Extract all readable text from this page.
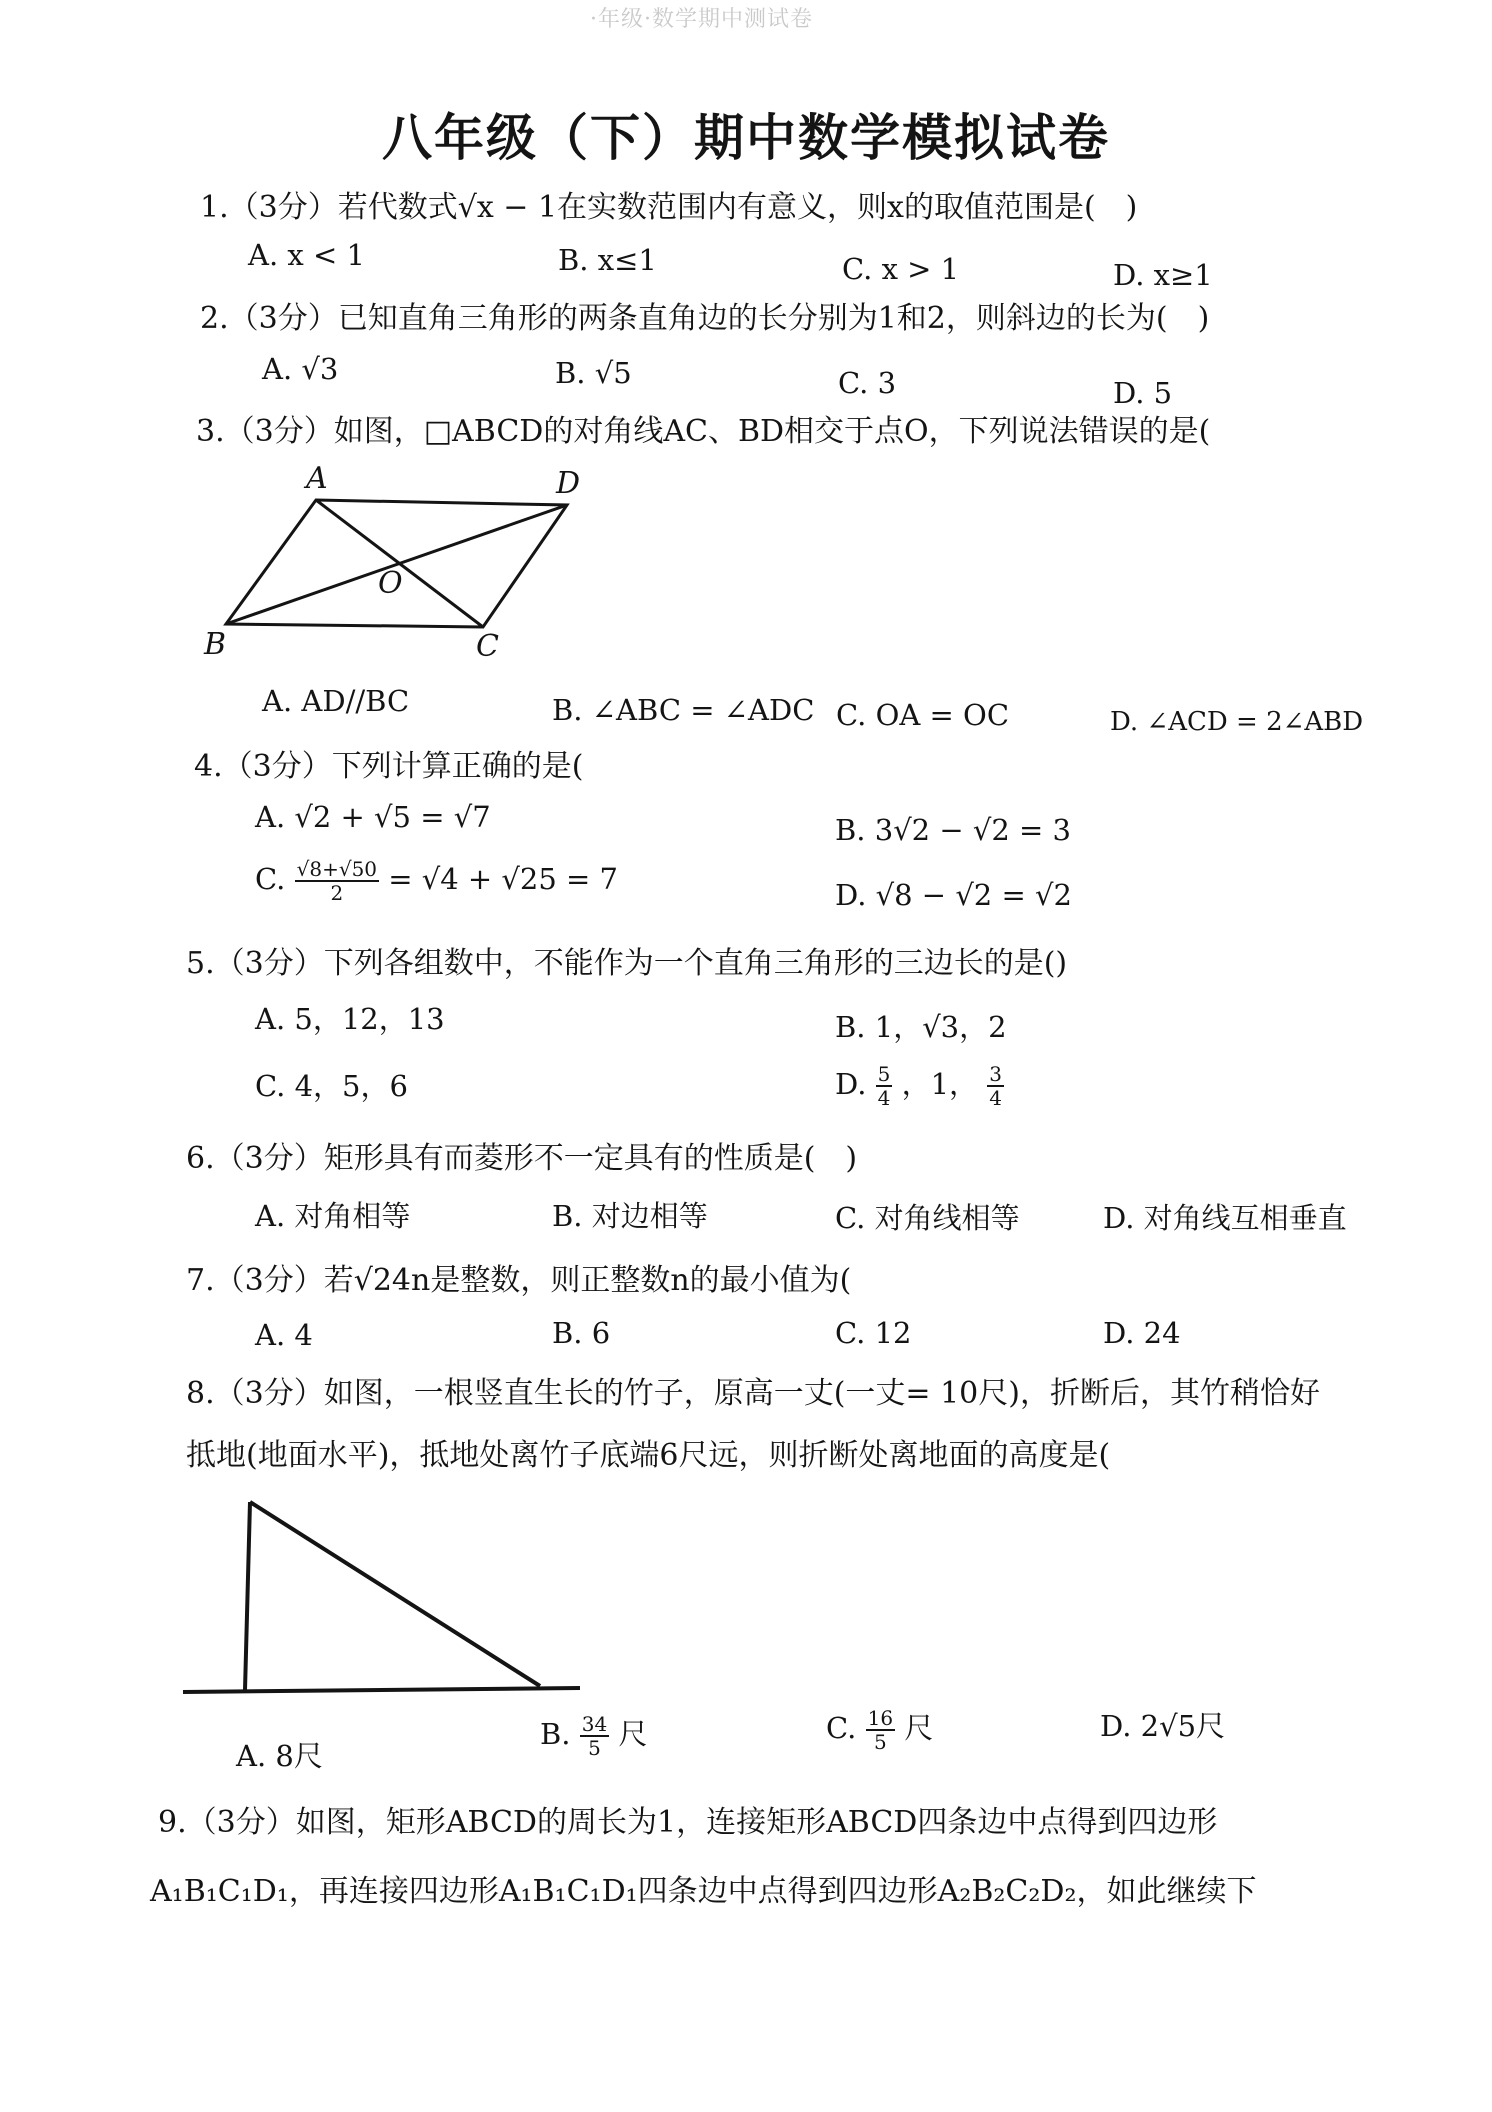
·年级·数学期中测试卷
八年级（下）期中数学模拟试卷
1.（3分）若代数式√x − 1在实数范围内有意义，则x的取值范围是(　)
A. x < 1	B. x≤1	C. x > 1	D. x≥1
2.（3分）已知直角三角形的两条直角边的长分别为1和2，则斜边的长为(　)
A. √3	B. √5	C. 3	D. 5
3.（3分）如图，□ABCD的对角线AC、BD相交于点O，下列说法错误的是(
A	D
O
B	C
A. AD//BC	B. ∠ABC = ∠ADC C. OA = OC	D. ∠ACD = 2∠ABD
4.（3分）下列计算正确的是(
A. √2 + √5 = √7	B. 3√2 − √2 = 3
C. $\frac{√8+√50}{2} = √4 + √25 = 7$	D. √8 − √2 = √2
5.（3分）下列各组数中，不能作为一个直角三角形的三边长的是()
A. 5，12，13	B. 1，√3，2
C. 4，5，6	D. $\frac{5}{4}$ ，1， $\frac{3}{4}$
6.（3分）矩形具有而菱形不一定具有的性质是(　)
A. 对角相等	B. 对边相等	C. 对角线相等	D. 对角线互相垂直
7.（3分）若√24n是整数，则正整数n的最小值为(
A. 4	B. 6	C. 12	D. 24
8.（3分）如图，一根竖直生长的竹子，原高一丈(一丈= 10尺)，折断后，其竹稍恰好
抵地(地面水平)，抵地处离竹子底端6尺远，则折断处离地面的高度是(
A. 8尺
B. $\frac{34}{5}$ 尺	C. $\frac{16}{5}$ 尺	D. 2√5尺
9.（3分）如图，矩形ABCD的周长为1，连接矩形ABCD四条边中点得到四边形
A₁B₁C₁D₁，再连接四边形A₁B₁C₁D₁四条边中点得到四边形A₂B₂C₂D₂，如此继续下
